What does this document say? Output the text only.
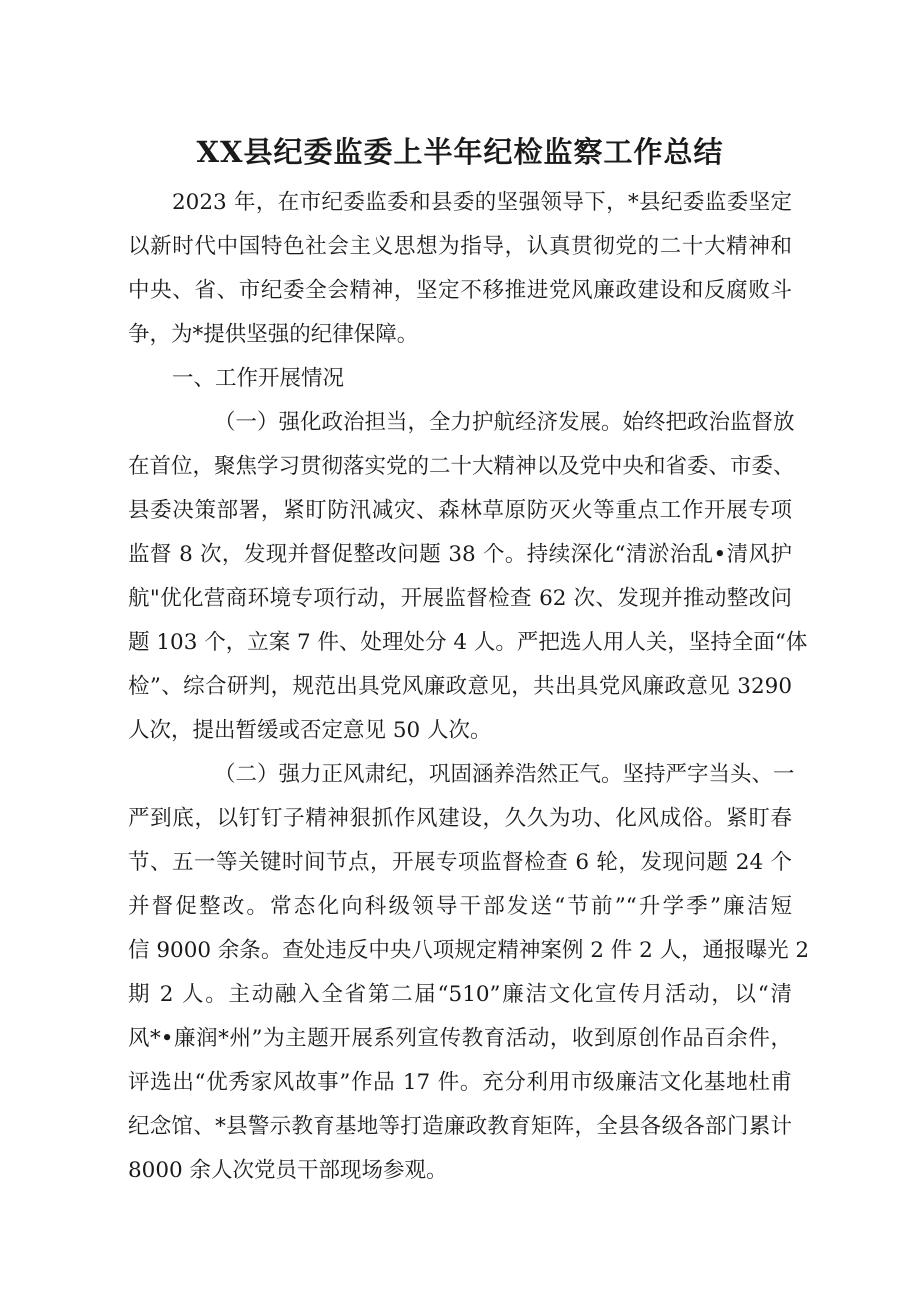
XX县纪委监委上半年纪检监察工作总结
2023 年，在市纪委监委和县委的坚强领导下，*县纪委监委坚定
以新时代中国特色社会主义思想为指导，认真贯彻党的二十大精神和
中央、省、市纪委全会精神，坚定不移推进党风廉政建设和反腐败斗
争，为*提供坚强的纪律保障。
一、工作开展情况
（一）强化政治担当，全力护航经济发展。始终把政治监督放
在首位，聚焦学习贯彻落实党的二十大精神以及党中央和省委、市委、
县委决策部署，紧盯防汛减灾、森林草原防灭火等重点工作开展专项
监督 8 次，发现并督促整改问题 38 个。持续深化“清淤治乱•清风护
航"优化营商环境专项行动，开展监督检查 62 次、发现并推动整改问
题 103 个，立案 7 件、处理处分 4 人。严把选人用人关，坚持全面“体
检”、综合研判，规范出具党风廉政意见，共出具党风廉政意见 3290
人次，提出暂缓或否定意见 50 人次。
（二）强力正风肃纪，巩固涵养浩然正气。坚持严字当头、一
严到底，以钉钉子精神狠抓作风建设，久久为功、化风成俗。紧盯春
节、五一等关键时间节点，开展专项监督检查 6 轮，发现问题 24 个
并督促整改。常态化向科级领导干部发送“节前”“升学季”廉洁短
信 9000 余条。查处违反中央八项规定精神案例 2 件 2 人，通报曝光 2
期 2 人。主动融入全省第二届“510”廉洁文化宣传月活动，以“清
风*•廉润*州”为主题开展系列宣传教育活动，收到原创作品百余件，
评选出“优秀家风故事”作品 17 件。充分利用市级廉洁文化基地杜甫
纪念馆、*县警示教育基地等打造廉政教育矩阵，全县各级各部门累计
8000 余人次党员干部现场参观。
